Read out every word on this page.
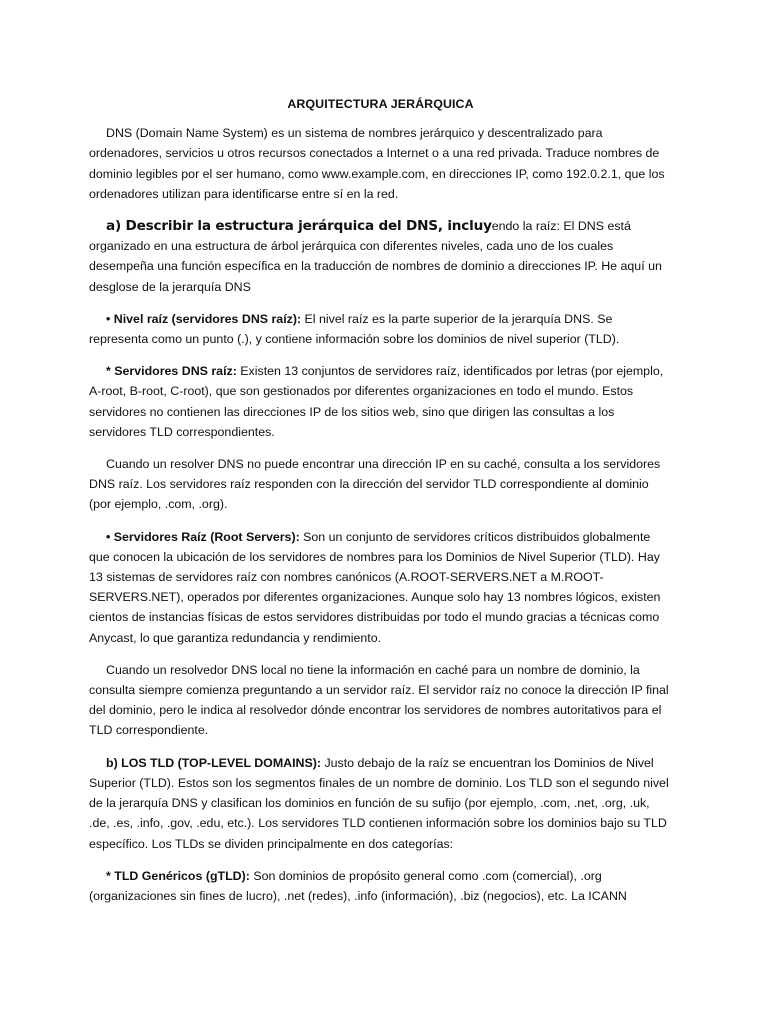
ARQUITECTURA JERÁRQUICA

DNS (Domain Name System) es un sistema de nombres jerárquico y descentralizado para ordenadores, servicios u otros recursos conectados a Internet o a una red privada. Traduce nombres de dominio legibles por el ser humano, como www.example.com, en direcciones IP, como 192.0.2.1, que los ordenadores utilizan para identificarse entre sí en la red.

a) Describir la estructura jerárquica del DNS, incluyendo la raíz: El DNS está organizado en una estructura de árbol jerárquica con diferentes niveles, cada uno de los cuales desempeña una función específica en la traducción de nombres de dominio a direcciones IP. He aquí un desglose de la jerarquía DNS

• Nivel raíz (servidores DNS raíz): El nivel raíz es la parte superior de la jerarquía DNS. Se representa como un punto (.), y contiene información sobre los dominios de nivel superior (TLD).

* Servidores DNS raíz: Existen 13 conjuntos de servidores raíz, identificados por letras (por ejemplo, A-root, B-root, C-root), que son gestionados por diferentes organizaciones en todo el mundo. Estos servidores no contienen las direcciones IP de los sitios web, sino que dirigen las consultas a los servidores TLD correspondientes.

Cuando un resolver DNS no puede encontrar una dirección IP en su caché, consulta a los servidores DNS raíz. Los servidores raíz responden con la dirección del servidor TLD correspondiente al dominio (por ejemplo, .com, .org).

• Servidores Raíz (Root Servers): Son un conjunto de servidores críticos distribuidos globalmente que conocen la ubicación de los servidores de nombres para los Dominios de Nivel Superior (TLD). Hay 13 sistemas de servidores raíz con nombres canónicos (A.ROOT-SERVERS.NET a M.ROOT-SERVERS.NET), operados por diferentes organizaciones. Aunque solo hay 13 nombres lógicos, existen cientos de instancias físicas de estos servidores distribuidas por todo el mundo gracias a técnicas como Anycast, lo que garantiza redundancia y rendimiento.

Cuando un resolvedor DNS local no tiene la información en caché para un nombre de dominio, la consulta siempre comienza preguntando a un servidor raíz. El servidor raíz no conoce la dirección IP final del dominio, pero le indica al resolvedor dónde encontrar los servidores de nombres autoritativos para el TLD correspondiente.

b) LOS TLD (TOP-LEVEL DOMAINS): Justo debajo de la raíz se encuentran los Dominios de Nivel Superior (TLD). Estos son los segmentos finales de un nombre de dominio. Los TLD son el segundo nivel de la jerarquía DNS y clasifican los dominios en función de su sufijo (por ejemplo, .com, .net, .org, .uk, .de, .es, .info, .gov, .edu, etc.). Los servidores TLD contienen información sobre los dominios bajo su TLD específico. Los TLDs se dividen principalmente en dos categorías:

* TLD Genéricos (gTLD): Son dominios de propósito general como .com (comercial), .org (organizaciones sin fines de lucro), .net (redes), .info (información), .biz (negocios), etc. La ICANN
